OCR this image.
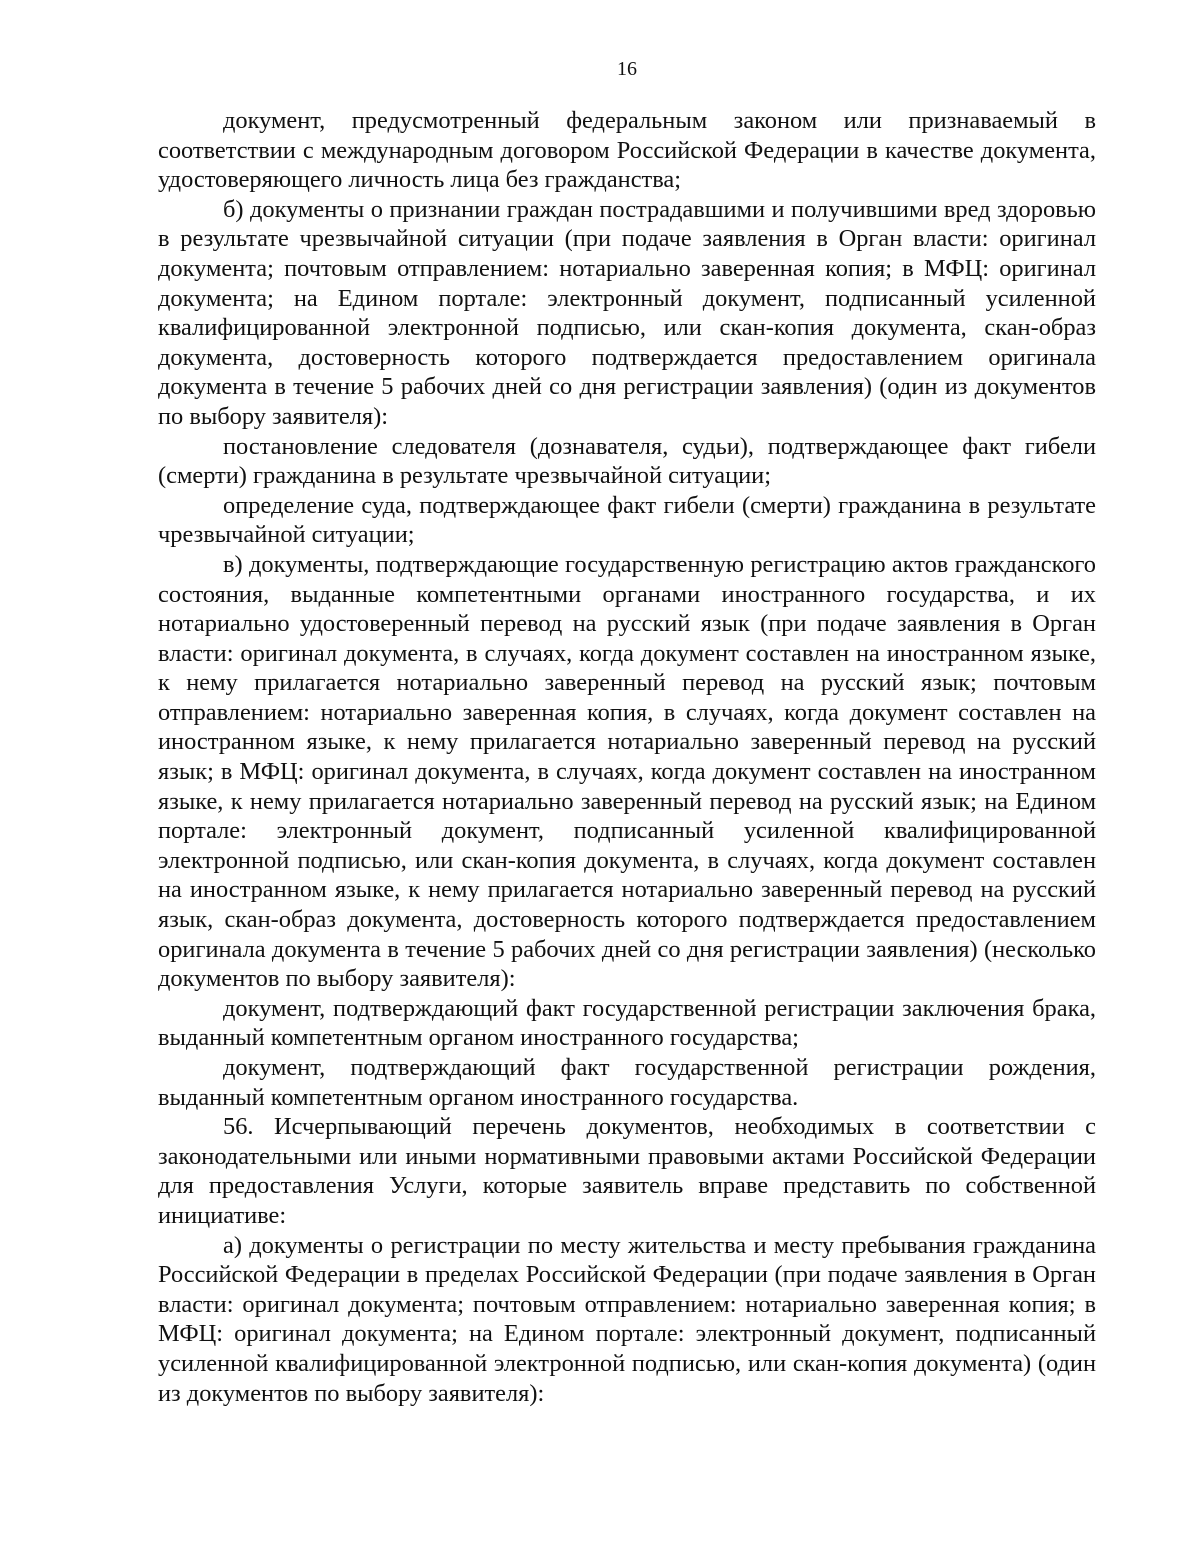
16

документ, предусмотренный федеральным законом или признаваемый в соответствии с международным договором Российской Федерации в качестве документа, удостоверяющего личность лица без гражданства;

б) документы о признании граждан пострадавшими и получившими вред здоровью в результате чрезвычайной ситуации (при подаче заявления в Орган власти: оригинал документа; почтовым отправлением: нотариально заверенная копия; в МФЦ: оригинал документа; на Едином портале: электронный документ, подписанный усиленной квалифицированной электронной подписью, или скан-копия документа, скан-образ документа, достоверность которого подтверждается предоставлением оригинала документа в течение 5 рабочих дней со дня регистрации заявления) (один из документов по выбору заявителя):

постановление следователя (дознавателя, судьи), подтверждающее факт гибели (смерти) гражданина в результате чрезвычайной ситуации;

определение суда, подтверждающее факт гибели (смерти) гражданина в результате чрезвычайной ситуации;

в) документы, подтверждающие государственную регистрацию актов гражданского состояния, выданные компетентными органами иностранного государства, и их нотариально удостоверенный перевод на русский язык (при подаче заявления в Орган власти: оригинал документа, в случаях, когда документ составлен на иностранном языке, к нему прилагается нотариально заверенный перевод на русский язык; почтовым отправлением: нотариально заверенная копия, в случаях, когда документ составлен на иностранном языке, к нему прилагается нотариально заверенный перевод на русский язык; в МФЦ: оригинал документа, в случаях, когда документ составлен на иностранном языке, к нему прилагается нотариально заверенный перевод на русский язык; на Едином портале: электронный документ, подписанный усиленной квалифицированной электронной подписью, или скан-копия документа, в случаях, когда документ составлен на иностранном языке, к нему прилагается нотариально заверенный перевод на русский язык, скан-образ документа, достоверность которого подтверждается предоставлением оригинала документа в течение 5 рабочих дней со дня регистрации заявления) (несколько документов по выбору заявителя):

документ, подтверждающий факт государственной регистрации заключения брака, выданный компетентным органом иностранного государства;

документ, подтверждающий факт государственной регистрации рождения, выданный компетентным органом иностранного государства.

56. Исчерпывающий перечень документов, необходимых в соответствии с законодательными или иными нормативными правовыми актами Российской Федерации для предоставления Услуги, которые заявитель вправе представить по собственной инициативе:

а) документы о регистрации по месту жительства и месту пребывания гражданина Российской Федерации в пределах Российской Федерации (при подаче заявления в Орган власти: оригинал документа; почтовым отправлением: нотариально заверенная копия; в МФЦ: оригинал документа; на Едином портале: электронный документ, подписанный усиленной квалифицированной электронной подписью, или скан-копия документа) (один из документов по выбору заявителя):
